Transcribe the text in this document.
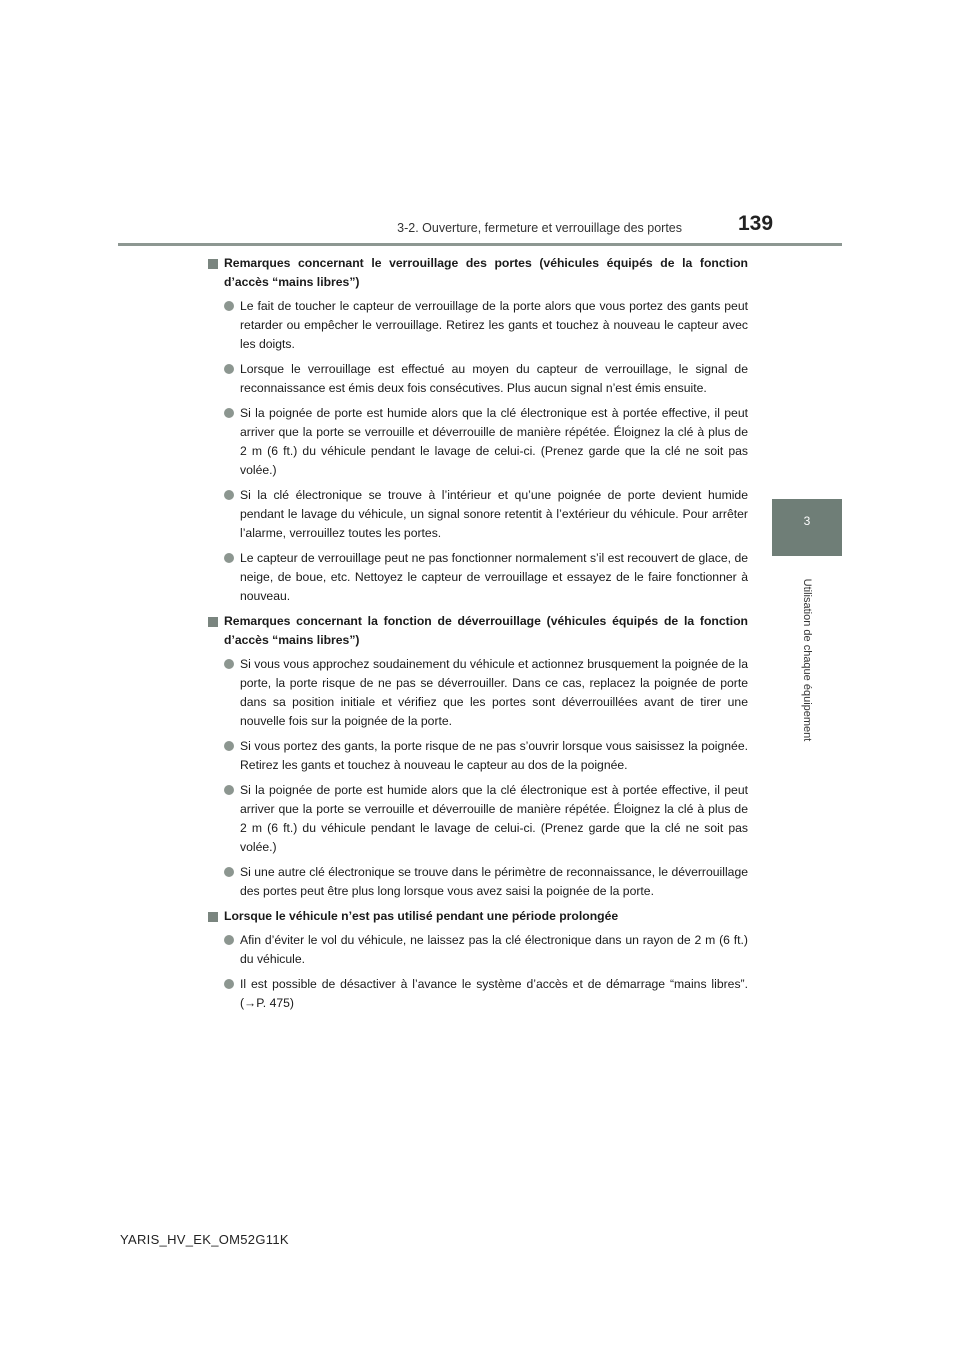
3-2. Ouverture, fermeture et verrouillage des portes	139
3
Utilisation de chaque équipement
Remarques concernant le verrouillage des portes (véhicules équipés de la fonction d’accès “mains libres”)
Le fait de toucher le capteur de verrouillage de la porte alors que vous portez des gants peut retarder ou empêcher le verrouillage. Retirez les gants et touchez à nouveau le capteur avec les doigts.
Lorsque le verrouillage est effectué au moyen du capteur de verrouillage, le signal de reconnaissance est émis deux fois consécutives. Plus aucun signal n’est émis ensuite.
Si la poignée de porte est humide alors que la clé électronique est à portée effective, il peut arriver que la porte se verrouille et déverrouille de manière répétée. Éloignez la clé à plus de 2 m (6 ft.) du véhicule pendant le lavage de celui-ci. (Prenez garde que la clé ne soit pas volée.)
Si la clé électronique se trouve à l’intérieur et qu’une poignée de porte devient humide pendant le lavage du véhicule, un signal sonore retentit à l’extérieur du véhicule. Pour arrêter l’alarme, verrouillez toutes les portes.
Le capteur de verrouillage peut ne pas fonctionner normalement s’il est recouvert de glace, de neige, de boue, etc. Nettoyez le capteur de verrouillage et essayez de le faire fonctionner à nouveau.
Remarques concernant la fonction de déverrouillage (véhicules équipés de la fonction d’accès “mains libres”)
Si vous vous approchez soudainement du véhicule et actionnez brusquement la poignée de la porte, la porte risque de ne pas se déverrouiller. Dans ce cas, replacez la poignée de porte dans sa position initiale et vérifiez que les portes sont déverrouillées avant de tirer une nouvelle fois sur la poignée de la porte.
Si vous portez des gants, la porte risque de ne pas s’ouvrir lorsque vous saisissez la poignée. Retirez les gants et touchez à nouveau le capteur au dos de la poignée.
Si la poignée de porte est humide alors que la clé électronique est à portée effective, il peut arriver que la porte se verrouille et déverrouille de manière répétée. Éloignez la clé à plus de 2 m (6 ft.) du véhicule pendant le lavage de celui-ci. (Prenez garde que la clé ne soit pas volée.)
Si une autre clé électronique se trouve dans le périmètre de reconnaissance, le déverrouillage des portes peut être plus long lorsque vous avez saisi la poignée de la porte.
Lorsque le véhicule n’est pas utilisé pendant une période prolongée
Afin d’éviter le vol du véhicule, ne laissez pas la clé électronique dans un rayon de 2 m (6 ft.) du véhicule.
Il est possible de désactiver à l’avance le système d’accès et de démarrage “mains libres”. (→P. 475)
YARIS_HV_EK_OM52G11K
